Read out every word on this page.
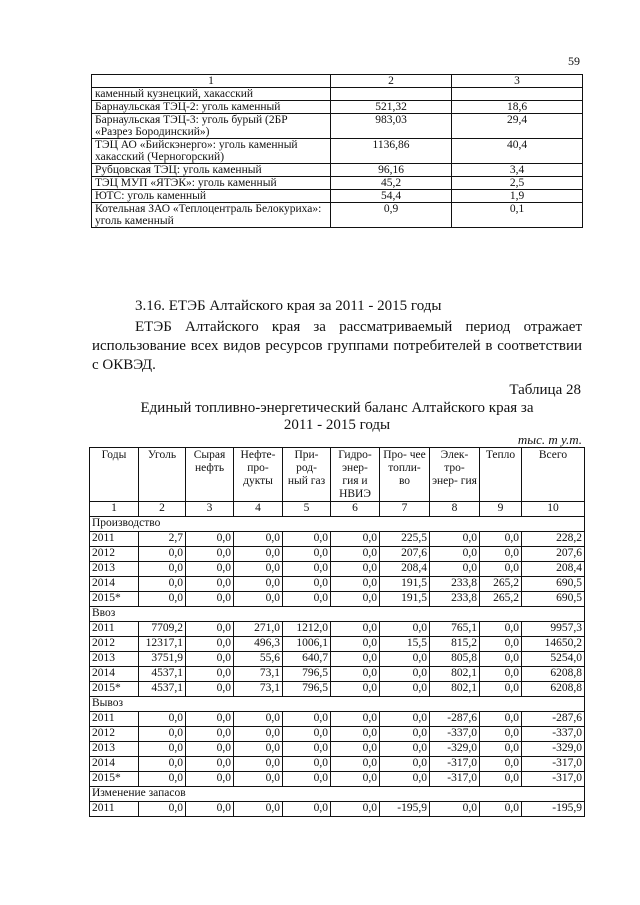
59
1	2	3
каменный кузнецкий, хакасский		
Барнаульская ТЭЦ-2: уголь каменный	521,32	18,6
Барнаульская ТЭЦ-3: уголь бурый (2БР «Разрез Бородинский»)	983,03	29,4
ТЭЦ АО «Бийскэнерго»: уголь каменный хакасский (Черногорский)	1136,86	40,4
Рубцовская ТЭЦ: уголь каменный	96,16	3,4
ТЭЦ МУП «ЯТЭК»: уголь каменный	45,2	2,5
ЮТС: уголь каменный	54,4	1,9
Котельная ЗАО «Теплоцентраль Белокуриха»: уголь каменный	0,9	0,1
3.16. ЕТЭБ Алтайского края за 2011 - 2015 годы

ЕТЭБ Алтайского края за рассматриваемый период отражает использование всех видов ресурсов группами потребителей в соответствии с ОКВЭД.

Таблица 28
Единый топливно-энергетический баланс Алтайского края за
2011 - 2015 годы
тыс. т у.т.
Годы	Уголь	Сырая нефть	Нефте- про- дукты	При- род- ный газ	Гидро- энер- гия и НВИЭ	Про- чее топли- во	Элек- тро- энер- гия	Тепло	Всего
1	2	3	4	5	6	7	8	9	10
Производство									
2011	2,7	0,0	0,0	0,0	0,0	225,5	0,0	0,0	228,2
2012	0,0	0,0	0,0	0,0	0,0	207,6	0,0	0,0	207,6
2013	0,0	0,0	0,0	0,0	0,0	208,4	0,0	0,0	208,4
2014	0,0	0,0	0,0	0,0	0,0	191,5	233,8	265,2	690,5
2015*	0,0	0,0	0,0	0,0	0,0	191,5	233,8	265,2	690,5
Ввоз									
2011	7709,2	0,0	271,0	1212,0	0,0	0,0	765,1	0,0	9957,3
2012	12317,1	0,0	496,3	1006,1	0,0	15,5	815,2	0,0	14650,2
2013	3751,9	0,0	55,6	640,7	0,0	0,0	805,8	0,0	5254,0
2014	4537,1	0,0	73,1	796,5	0,0	0,0	802,1	0,0	6208,8
2015*	4537,1	0,0	73,1	796,5	0,0	0,0	802,1	0,0	6208,8
Вывоз									
2011	0,0	0,0	0,0	0,0	0,0	0,0	-287,6	0,0	-287,6
2012	0,0	0,0	0,0	0,0	0,0	0,0	-337,0	0,0	-337,0
2013	0,0	0,0	0,0	0,0	0,0	0,0	-329,0	0,0	-329,0
2014	0,0	0,0	0,0	0,0	0,0	0,0	-317,0	0,0	-317,0
2015*	0,0	0,0	0,0	0,0	0,0	0,0	-317,0	0,0	-317,0
Изменение запасов									
2011	0,0	0,0	0,0	0,0	0,0	-195,9	0,0	0,0	-195,9
